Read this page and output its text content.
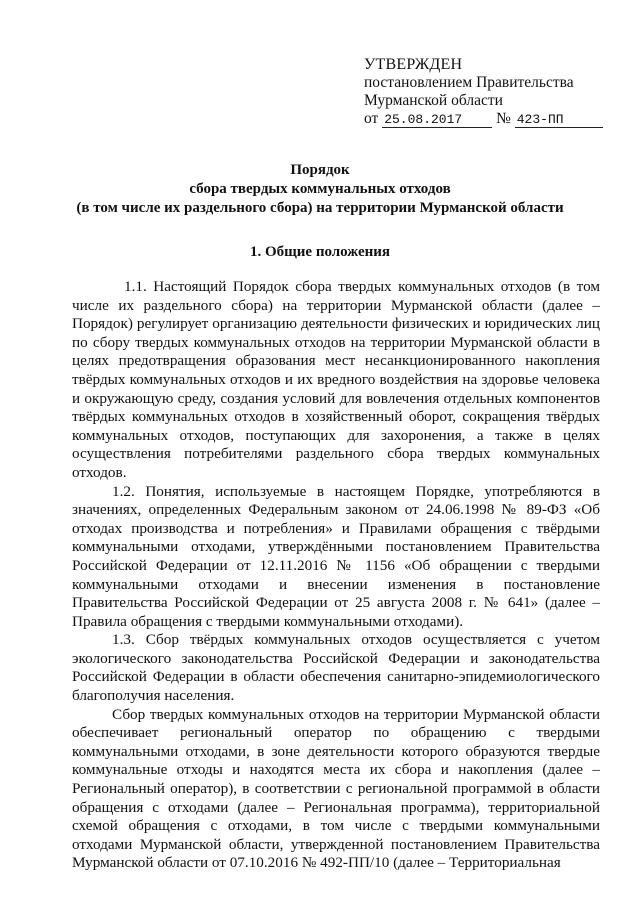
УТВЕРЖДЕН
постановлением Правительства
Мурманской области
от 25.08.2017 № 423-ПП
Порядок
сбора твердых коммунальных отходов
(в том числе их раздельного сбора) на территории Мурманской области
1. Общие положения

1.1. Настоящий Порядок сбора твердых коммунальных отходов (в том числе их раздельного сбора) на территории Мурманской области (далее – Порядок) регулирует организацию деятельности физических и юридических лиц по сбору твердых коммунальных отходов на территории Мурманской области в целях предотвращения образования мест несанкционированного накопления твёрдых коммунальных отходов и их вредного воздействия на здоровье человека и окружающую среду, создания условий для вовлечения отдельных компонентов твёрдых коммунальных отходов в хозяйственный оборот, сокращения твёрдых коммунальных отходов, поступающих для захоронения, а также в целях осуществления потребителями раздельного сбора твердых коммунальных отходов.

1.2. Понятия, используемые в настоящем Порядке, употребляются в значениях, определенных Федеральным законом от 24.06.1998 № 89-ФЗ «Об отходах производства и потребления» и Правилами обращения с твёрдыми коммунальными отходами, утверждёнными постановлением Правительства Российской Федерации от 12.11.2016 № 1156 «Об обращении с твердыми коммунальными отходами и внесении изменения в постановление Правительства Российской Федерации от 25 августа 2008 г. № 641» (далее – Правила обращения с твердыми коммунальными отходами).

1.3. Сбор твёрдых коммунальных отходов осуществляется с учетом экологического законодательства Российской Федерации и законодательства Российской Федерации в области обеспечения санитарно-эпидемиологического благополучия населения.

Сбор твердых коммунальных отходов на территории Мурманской области обеспечивает региональный оператор по обращению с твердыми коммунальными отходами, в зоне деятельности которого образуются твердые коммунальные отходы и находятся места их сбора и накопления (далее – Региональный оператор), в соответствии с региональной программой в области обращения с отходами (далее – Региональная программа), территориальной схемой обращения с отходами, в том числе с твердыми коммунальными отходами Мурманской области, утвержденной постановлением Правительства Мурманской области от 07.10.2016 № 492-ПП/10 (далее – Территориальная
